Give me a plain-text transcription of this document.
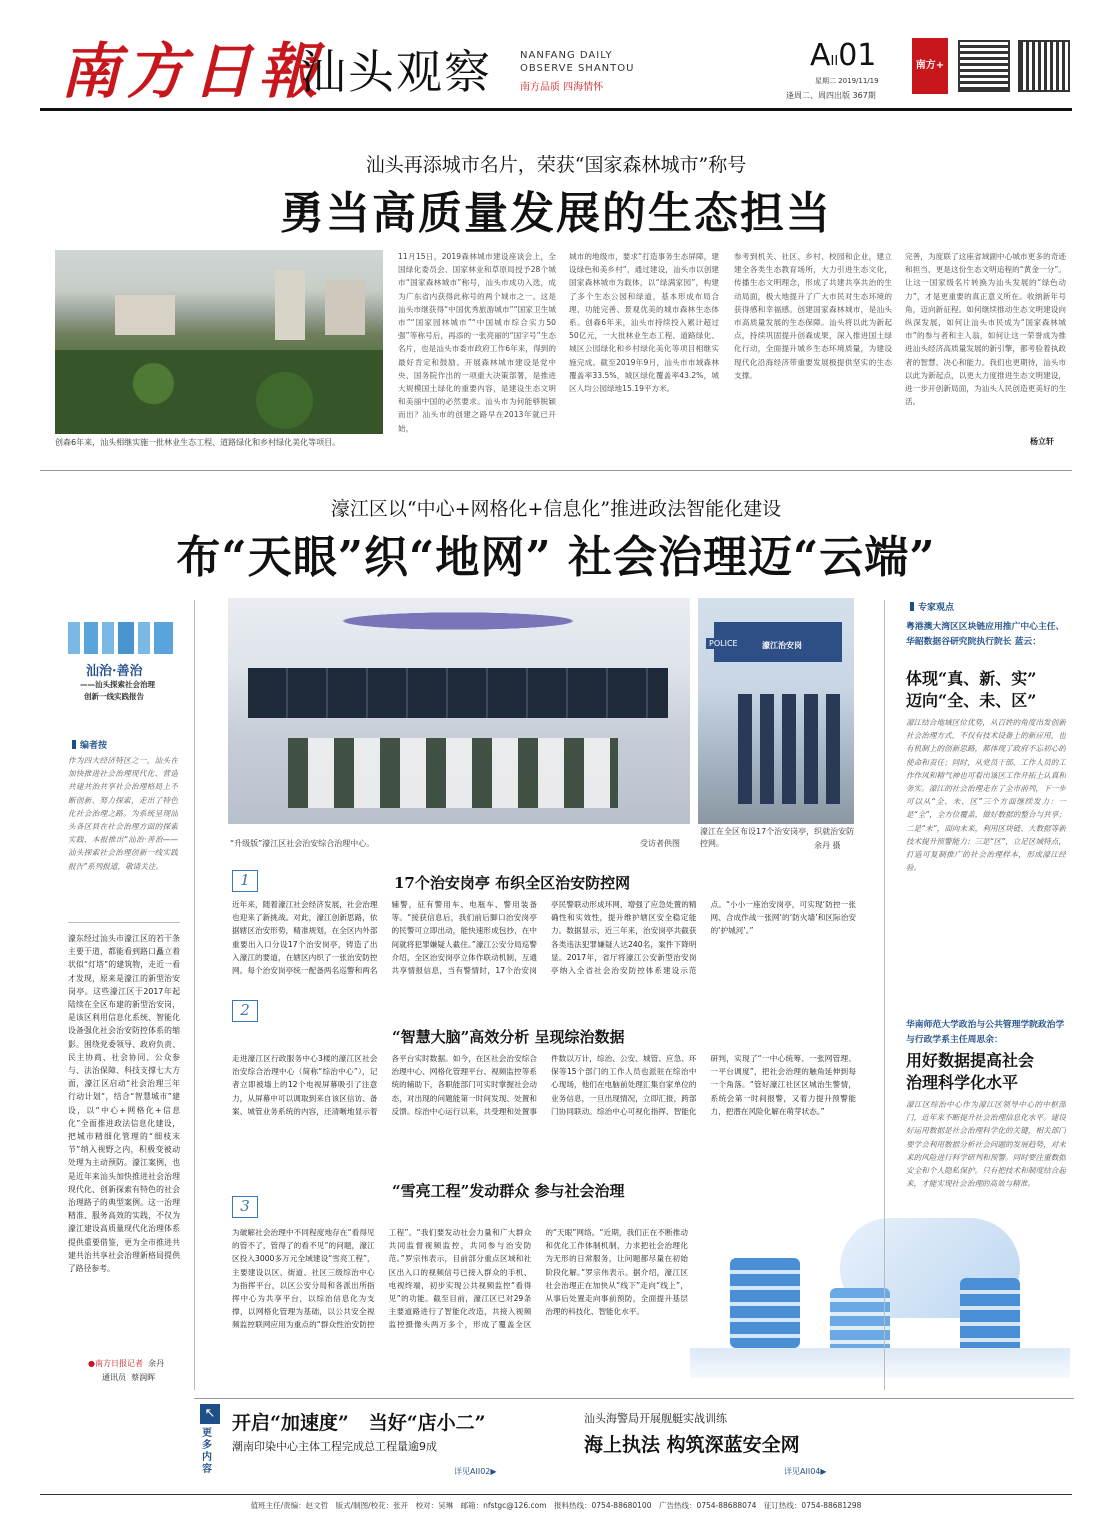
南方日報
汕头观察	NANFANG DAILY
OBSERVE SHANTOU
南方品质 四海情怀
AII01
星期二 2019/11/19
逢周二、周四出版 367期
南方+
汕头再添城市名片，荣获“国家森林城市”称号
勇当高质量发展的生态担当
创森6年来，汕头相继实施一批林业生态工程、道路绿化和乡村绿化美化等项目。
11月15日，2019森林城市建设座谈会上，全国绿化委员会、国家林业和草原局授予28个城市“国家森林城市”称号，汕头市成功入选，成为广东省内获得此称号的两个城市之一。这是汕头市继获得“中国优秀旅游城市”“国家卫生城市”“国家园林城市”“中国城市综合实力50强”等称号后，再添的一张亮丽的“国字号”生态名片，也是汕头市委市政府工作6年来，得到的最好肯定和鼓励。开展森林城市建设是党中央、国务院作出的一项重大决策部署，是推进大规模国土绿化的重要内容，是建设生态文明和美丽中国的必然要求。汕头市为何能够脱颖而出？汕头市的创建之路早在2013年就已开始，
城市的地级市，要求“打造事务生态屏障，建设绿色和美乡村”，通过建设，汕头市以创建国家森林城市为载体，以“绿满家园”，构建了多个生态公园和绿道，基本形成布局合理、功能完善、景观优美的城市森林生态体系。创森6年来，汕头市持续投入累计超过50亿元，一大批林业生态工程、道路绿化、城区公园绿化和乡村绿化美化等项目相继实施完成。截至2019年9月，汕头市市域森林覆盖率33.5%，城区绿化覆盖率43.2%，城区人均公园绿地15.19平方米。
参考到机关、社区、乡村、校园和企业，建立建全各类生态教育场所，大力引进生态文化，传播生态文明理念，形成了共建共享共治的生动局面，极大地提升了广大市民对生态环境的获得感和幸福感。创建国家森林城市，是汕头市高质量发展的生态保障。汕头将以此为新起点，持续巩固提升创森成果，深入推进国土绿化行动，全面提升城乡生态环境质量，为建设现代化沿海经济带重要发展极提供坚实的生态支撑。
完善，为度联了这座省域副中心城市更多的奇迹和担当，更是这份生态文明追程的“黄金一分”。让这一国家级名片转换为汕头发展的“绿色动力”，才是更重要的真正意义所在。收纳新年号角，迈向新征程。如何继续推动生态文明建设向纵深发展，如何让汕头市民成为“国家森林城市”的参与者和主人翁，如何让这一荣誉成为推进汕头经济高质量发展的新引擎，都考验着执政者的智慧、决心和能力。我们也更期待，汕头市以此为新起点，以更大力度推进生态文明建设，进一步开创新局面，为汕头人民创造更美好的生活。
杨立轩
濠江区以“中心+网格化+信息化”推进政法智能化建设
布“天眼”织“地网” 社会治理迈“云端”
汕治·善治
——汕头探索社会治理
创新一线实践报告
编者按
作为四大经济特区之一，汕头在加快推进社会治理现代化、营造共建共治共享社会治理格局上不断创新、努力探索，走出了特色化社会治理之路。为系统呈现汕头各区县在社会治理方面的探索实践，本报推出“汕治·善治——汕头探索社会治理创新一线实践报告”系列报道，敬请关注。
濠东经过汕头市濠江区的若干条主要干道，都能看到路口矗立着状似“灯塔”的建筑物，走近一看才发现，原来是濠江的新型治安岗亭。这些濠江区于2017年起陆续在全区布建的新型治安岗，是该区利用信息化系统、智能化设备强化社会治安防控体系的缩影。围绕党委领导、政府负责、民主协商、社会协同、公众参与、法治保障、科技支撑七大方面，濠江区启动“社会治理三年行动计划”，结合“智慧城市”建设，以“中心+网格化+信息化”全面推进政法信息化建设，把城市精细化管理的“细枝末节”纳入视野之内，积极变被动处理为主动预防。濠江案例，也是近年来汕头加快推进社会治理现代化、创新探索有特色的社会治理路子的典型案例。这一治理精准、服务高效的实践，不仅为濠江建设高质量现代化治理体系提供重要借鉴，更为全市推进共建共治共享社会治理新格局提供了路径参考。
●南方日报记者 余丹
通讯员 蔡润晖
“升级版”濠江区社会治安综合治理中心。	受访者供图
POLICE	濠江治安岗
濠江在全区布设17个治安岗亭，织就治安防控网。	余丹 摄
1	17个治安岗亭 布织全区治安防控网
近年来，随着濠江社会经济发展，社会治理也迎来了新挑战。对此，濠江创新思路，依据辖区治安形势，精准规划，在全区内外部重要出入口分设17个治安岗亭，铸造了出入濠江的要道，在辖区内织了一张治安防控网。每个治安岗亭统一配备两名巡警和两名辅警，征有警用车、电瓶车、警用装备等。“接获信息后，我们前后脚口治安岗亭的民警可立即出动，能快速形成包抄，在中间就将犯罪嫌疑人截住。”濠江公安分局巡警介绍，全区治安岗亭立体作联动机制，互通共享情报信息，当有警情时，17个治安岗亭民警联动形成环网，增强了应急处置的精确性和实效性，提升维护辖区安全稳定能力。数据显示，近三年来，治安岗亭共截获各类违法犯罪嫌疑人达240名，案件下降明显。2017年，省厅将濠江公安新型治安岗亭纳入全省社会治安防控体系建设示范点。“小小一座治安岗亭，可实现‘防控一张网、合成作战一张网’的‘防火墙’和区际治安的‘护城河’。”
2
“智慧大脑”高效分析 呈现综治数据
走进濠江区行政服务中心3楼的濠江区社会治安综合治理中心（简称“综治中心”），记者立即被墙上的12个电视屏幕吸引了注意力，从屏幕中可以调取到来自该区信访、备案、城管业务系统的内容，还清晰地显示着各平台实时数据。如今，在区社会治安综合治理中心、网格化管理平台、视频监控等系统的辅助下，各职能部门可实时掌握社会动态，对出现的问题能第一时间发现、处置和反馈。综治中心运行以来，共受理和处置事件数以万计，综治、公安、城管、应急、环保等15个部门的工作人员也派驻在综治中心现场，他们在电脑前处理汇集自家单位的业务信息，一旦出现情况，立即汇报，跨部门协同联动。综治中心可视化指挥、智能化研判，实现了“一中心统筹、一张网管理、一平台调度”，把社会治理的触角延伸到每一个角落。“管好濠江社区区城治生警情，系统会第一时间报警，又着力提升预警能力，把潜在风险化解在萌芽状态。”
3
“雪亮工程”发动群众 参与社会治理
为破解社会治理中不同程度地存在“看得见的管不了，管得了的看不见”的问题，濠江区投入3000多万元全域建设“雪亮工程”，主要建设以区、街道、社区三级综治中心为指挥平台，以区公安分局和各派出所指挥中心为共享平台，以综治信息化为支撑，以网格化管理为基础，以公共安全视频监控联网应用为重点的“群众性治安防控工程”。“我们要发动社会力量和广大群众共同监督视频监控，共同参与治安防范。”罗宗伟表示，目前部分重点区域和社区出入口的视频信号已接入群众的手机、电视终端，初步实现公共视频监控“看得见”的功能。截至目前，濠江区已对29条主要道路进行了智能化改造，共接入视频监控摄像头两万多个，形成了覆盖全区的“天眼”网络。“近期，我们正在不断推动和优化工作体制机制，力求把社会治理化为无形的日常服务，让问题都尽量在初始阶段化解。”罗宗伟表示。据介绍，濠江区社会治理正在加快从“线下”走向“线上”，从事后处置走向事前预防，全面提升基层治理的科技化、智能化水平。
专家观点
粤港澳大湾区区块链应用推广中心主任、华韶数据谷研究院执行院长 蓝云：
体现“真、新、实”
迈向“全、未、区”
濠江结合地域区位优势，从百姓的角度出发创新社会治理方式，不仅有技术设备上的新应用，也有机制上的创新思路，都体现了政府不忘初心的使命和责任；同时，从党员干部、工作人员的工作作风和精气神也可看出该区工作开拓上认真和务实。濠江的社会治理走在了全市前列，下一步可以从“全、未、区”三个方面继续发力：一是“全”，全方位覆盖，做好数据的整合与共享；二是“未”，面向未来，利用区块链、大数据等新技术提升预警能力；三是“区”，立足区域特点，打造可复制推广的社会治理样本，形成濠江经验。
华南师范大学政治与公共管理学院政治学与行政学系主任周思余：
用好数据提高社会
治理科学化水平
濠江区综治中心作为濠江区领导中心的中枢部门，近年来不断提升社会治理信息化水平。建设好运用数据是社会治理科学化的关键，相关部门要学会利用数据分析社会问题的发展趋势，对未来的风险进行科学研判和预警。同时要注重数据安全和个人隐私保护。只有把技术和制度结合起来，才能实现社会治理的高效与精准。
↖
更多内容
开启“加速度” 当好“店小二”
潮南印染中心主体工程完成总工程量逾9成
详见AII02▶
汕头海警局开展舰艇实战训练
海上执法 构筑深蓝安全网
详见AII04▶
值班主任/责编：赵文哲　版式/制图/校花：张开　校对：吴琳　邮箱：nfstgc@126.com　报料热线：0754-88680100　广告热线：0754-88688074　征订热线：0754-88681298
